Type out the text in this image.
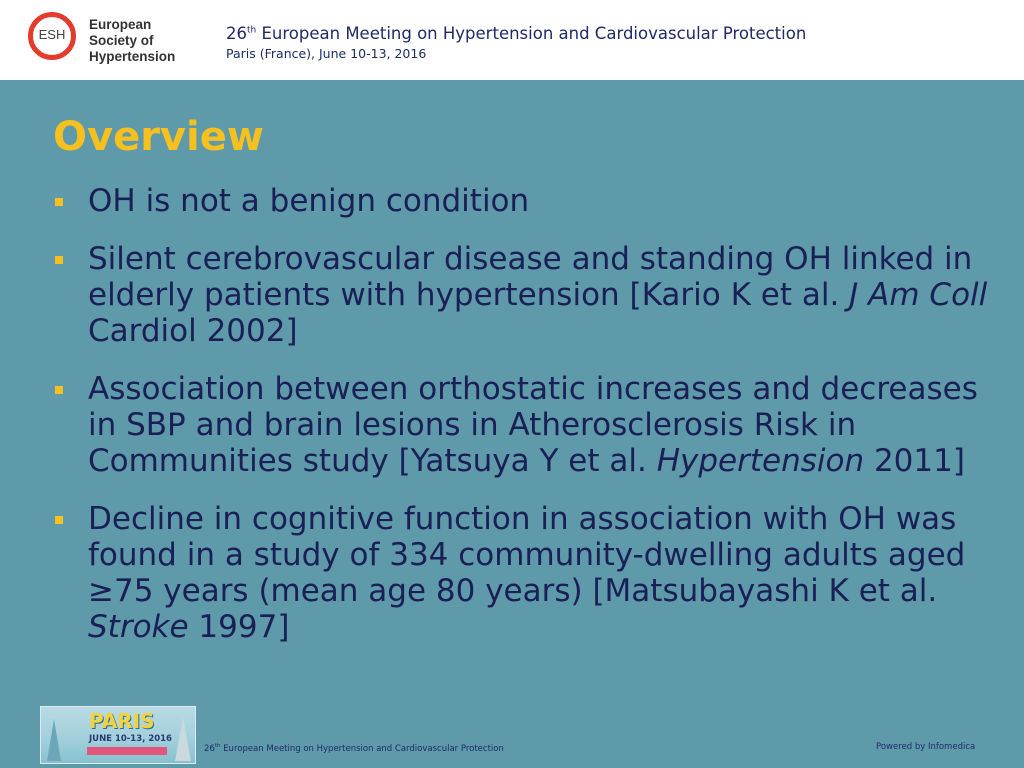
ESH
European
Society of
Hypertension
26th European Meeting on Hypertension and Cardiovascular Protection
Paris (France), June 10-13, 2016
Overview
OH is not a benign condition
Silent cerebrovascular disease and standing OH linked in elderly patients with hypertension [Kario K et al. J Am Coll Cardiol 2002]
Association between orthostatic increases and decreases in SBP and brain lesions in Atherosclerosis Risk in Communities study [Yatsuya Y et al. Hypertension 2011]
Decline in cognitive function in association with OH was found in a study of 334 community-dwelling adults aged ≥75 years (mean age 80 years) [Matsubayashi K et al. Stroke 1997]
PARIS
JUNE 10-13, 2016
26th European Meeting on Hypertension and Cardiovascular Protection	Powered by Infomedica
